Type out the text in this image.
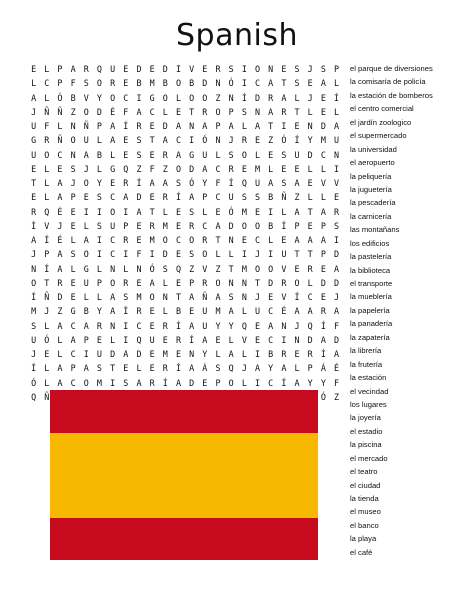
Spanish
E L P A R Q U E D E D I V E R S I O N E S J S P
L C P F S O R E B M B O B D N Ó I C A T S E A L
A L Ó B V Y O C I G O L O O Z N Í D R A L J E Í
J Ñ Ñ Z O D É F A C L E T R O P S N A R T L E L
U F L N Ñ P A Í R E D A N A P A L A T I E N D A
G R Ñ O U L A E S T A C I Ó N J R E Z Ó Í Y M U
U O C N A B L E S E R A G U L S O L E S U D C N
E L E S J L G Q Z F Z O D A C R E M L E E L L I
T L A J O Y E R Í A A S Ó Y F Í Q U A S A E V V
E L A P E S C A D E R Í A P C U S S B Ñ Z L L E
R Q É E I I O I A T L E S L E Ó M E I L A T A R
Í V J E L S U P E R M E R C A D O O B Í P E P S
A Í É L A I C R E M O C O R T N E C L E A A A I
J P A S O I C I F I D E S O L L I J I U T T P D
N Í A L G L N L N Ó S Q Z V Z T M O O V E R E A
O T R E U P O R E A L E P R O N N T D R O L D D
Í Ñ D E L L A S M O N T A Ñ A S N J E V Í C E J
M J Z G B Y A Í R E L B E U M A L U C É A A R A
S L A C A R N I C E R Í A U Y Y Q E A N J Q Í F
U Ó L A P E L I Q U E R Í A E L V E C I N D A D
J E L C I U D A D E M E N Y L A L I B R E R Í A
Í L A P A S T E L E R Í A Á S Q J A Y A L P Á É
Ó L A C O M I S A R Í A D E P O L I C Í A Y Y F
Q Ñ	Ó Z
el parque de diversiones
la comisaría de policía
la estación de bomberos
el centro comercial
el jardín zoologico
el supermercado
la universidad
el aeropuerto
la peliquería
la juguetería
la pescadería
la carnicería
las montañans
los edificios
la pastelería
la biblioteca
el transporte
la mueblería
la papelería
la panadería
la zapatería
la librería
la frutería
la estación
el vecindad
los lugares
la joyería
el estadio
la piscina
el mercado
el teatro
el ciudad
la tienda
el museo
el banco
la playa
el café
